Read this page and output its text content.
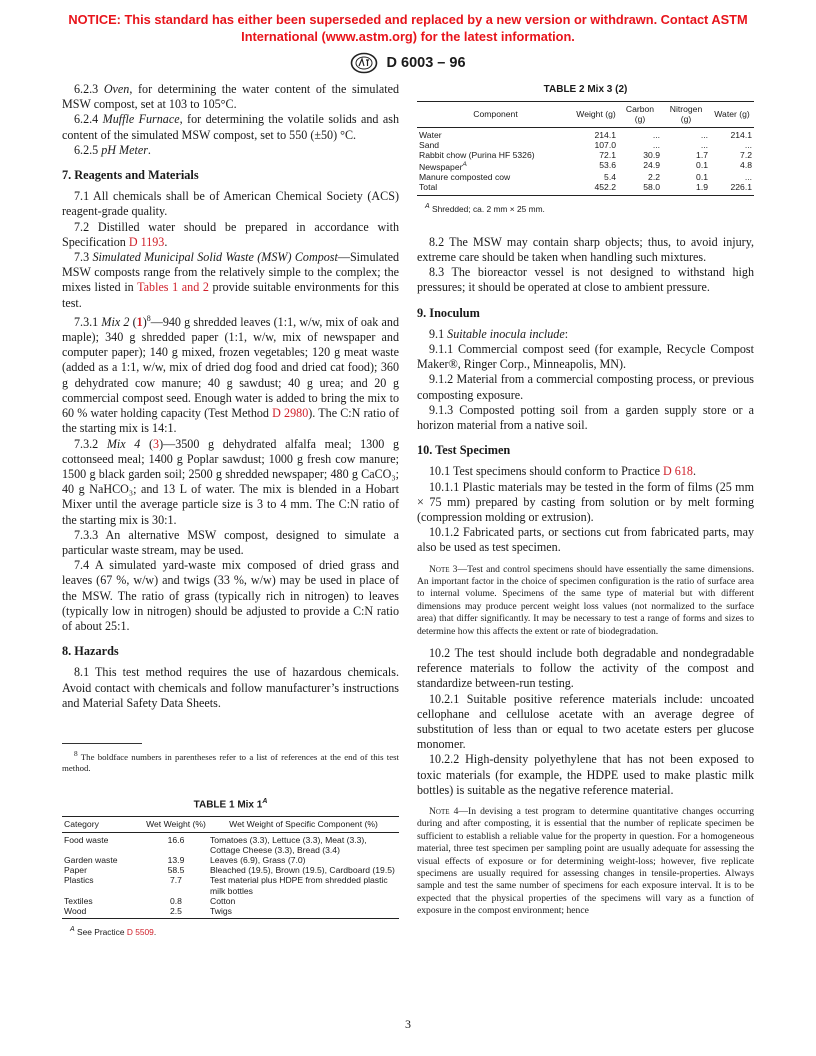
NOTICE: This standard has either been superseded and replaced by a new version or withdrawn. Contact ASTM
International (www.astm.org) for the latest information.
D 6003 – 96

6.2.3 Oven, for determining the water content of the simulated MSW compost, set at 103 to 105°C.

6.2.4 Muffle Furnace, for determining the volatile solids and ash content of the simulated MSW compost, set to 550 (±50) °C.

6.2.5 pH Meter.

7. Reagents and Materials

7.1 All chemicals shall be of American Chemical Society (ACS) reagent-grade quality.

7.2 Distilled water should be prepared in accordance with Specification D 1193.

7.3 Simulated Municipal Solid Waste (MSW) Compost—Simulated MSW composts range from the relatively simple to the complex; the mixes listed in Tables 1 and 2 provide suitable environments for this test.

7.3.1 Mix 2 $(1)^8—940$ g shredded leaves (1:1, w/w, mix of oak and maple); 340 g shredded paper (1:1, w/w, mix of newspaper and computer paper); 140 g mixed, frozen vegetables; 120 g meat waste (added as a 1:1, w/w, mix of dried dog food and dried cat food); 360 g dehydrated cow manure; 40 g sawdust; 40 g urea; and 20 g commercial compost seed. Enough water is added to bring the mix to 60 % water holding capacity (Test Method D 2980). The C:N ratio of the starting mix is 14:1.

7.3.2 Mix 4 (3)—3500 g dehydrated alfalfa meal; 1300 g cottonseed meal; 1400 g Poplar sawdust; 1000 g fresh cow manure; 1500 g black garden soil; 2500 g shredded newspaper; 480 g CaCO₃; 40 g NaHCO₃; and 13 L of water. The mix is blended in a Hobart Mixer until the average particle size is 3 to 4 mm. The C:N ratio of the starting mix is 30:1.

7.3.3 An alternative MSW compost, designed to simulate a particular waste stream, may be used.

7.4 A simulated yard-waste mix composed of dried grass and leaves (67 %, w/w) and twigs (33 %, w/w) may be used in place of the MSW. The ratio of grass (typically rich in nitrogen) to leaves (typically low in nitrogen) should be adjusted to provide a C:N ratio of about 25:1.

8. Hazards

8.1 This test method requires the use of hazardous chemicals. Avoid contact with chemicals and follow manufacturer’s instructions and Material Safety Data Sheets.

$^8$ The boldface numbers in parentheses refer to a list of references at the end of this test method.

TABLE 1 Mix $1^A$
Category	Wet Weight (%)	Wet Weight of Specific Component (%)
Food waste	16.6	Tomatoes (3.3), Lettuce (3.3), Meat (3.3), Cottage Cheese (3.3), Bread (3.4)
Garden waste	13.9	Leaves (6.9), Grass (7.0)
Paper	58.5	Bleached (19.5), Brown (19.5), Cardboard (19.5)
Plastics	7.7	Test material plus HDPE from shredded plastic milk bottles
Textiles	0.8	Cotton
Wood	2.5	Twigs
$^A$ See Practice D 5509.
TABLE 2 Mix 3 (2)
Component	Weight (g)	Carbon (g)	Nitrogen (g)	Water (g)
Water	214.1	...	...	214.1
Sand	107.0	...	...	...
Rabbit chow (Purina HF 5326)	72.1	30.9	1.7	7.2
Newspaper$^A$	53.6	24.9	0.1	4.8
Manure composted cow	5.4	2.2	0.1	...
Total	452.2	58.0	1.9	226.1
$^A$ Shredded; ca. 2 mm × 25 mm.

8.2 The MSW may contain sharp objects; thus, to avoid injury, extreme care should be taken when handling such mixtures.

8.3 The bioreactor vessel is not designed to withstand high pressures; it should be operated at close to ambient pressure.

9. Inoculum

9.1 Suitable inocula include:

9.1.1 Commercial compost seed (for example, Recycle Compost Maker®, Ringer Corp., Minneapolis, MN).

9.1.2 Material from a commercial composting process, or previous composting exposure.

9.1.3 Composted potting soil from a garden supply store or a horizon material from a native soil.

10. Test Specimen

10.1 Test specimens should conform to Practice D 618.

10.1.1 Plastic materials may be tested in the form of films (25 mm × 75 mm) prepared by casting from solution or by melt forming (compression molding or extrusion).

10.1.2 Fabricated parts, or sections cut from fabricated parts, may also be used as test specimen.

Note 3—Test and control specimens should have essentially the same dimensions. An important factor in the choice of specimen configuration is the ratio of surface area to internal volume. Specimens of the same type of material but with different dimensions may produce percent weight loss values (not normalized to the surface area) that differ significantly. It may be necessary to test a range of forms and sizes to determine how this affects the extent or rate of biodegradation.

10.2 The test should include both degradable and nondegradable reference materials to follow the activity of the compost and standardize between-run testing.

10.2.1 Suitable positive reference materials include: uncoated cellophane and cellulose acetate with an average degree of substitution of less than or equal to two acetate esters per glucose monomer.

10.2.2 High-density polyethylene that has not been exposed to toxic materials (for example, the HDPE used to make plastic milk bottles) is suitable as the negative reference material.

Note 4—In devising a test program to determine quantitative changes occurring during and after composting, it is essential that the number of replicate specimen be sufficient to establish a reliable value for the property in question. For a homogeneous material, three test specimen per sampling point are usually adequate for assessing the visual effects of exposure or for determining weight-loss; however, five replicate specimens are usually required for assessing changes in tensile-properties. Always sample and test the same number of specimens for each exposure interval. It is to be expected that the physical properties of the specimens will vary as a function of exposure in the compost environment; hence

3
